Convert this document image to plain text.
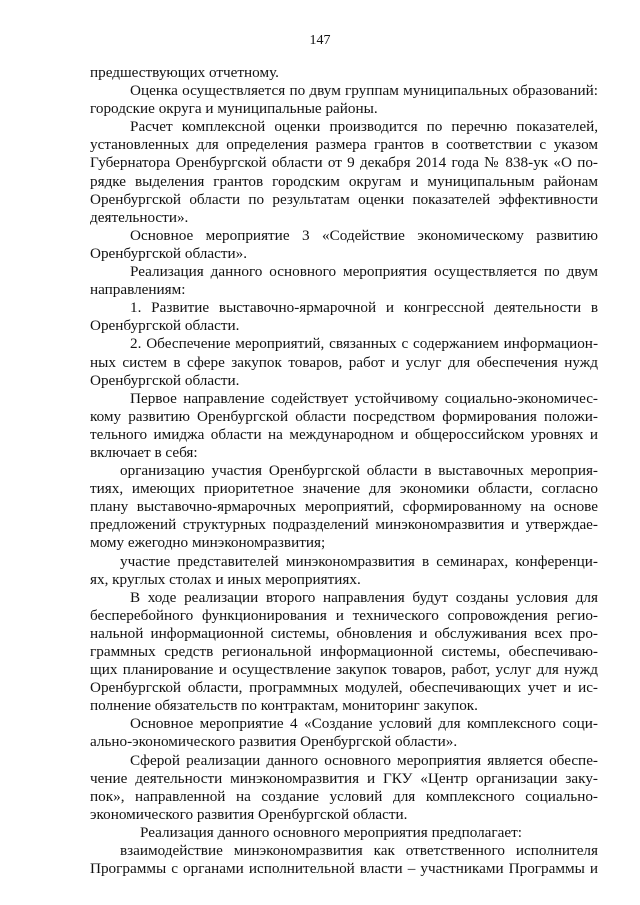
147
предшествующих отчетному.
Оценка осуществляется по двум группам муниципальных образований:
городские округа и муниципальные районы.
Расчет комплексной оценки производится по перечню показателей,
установленных для определения размера грантов в соответствии с указом
Губернатора Оренбургской области от 9 декабря 2014 года № 838-ук «О по-
рядке выделения грантов городским округам и муниципальным районам
Оренбургской области по результатам оценки показателей эффективности
деятельности».
Основное мероприятие 3 «Содействие экономическому развитию
Оренбургской области».
Реализация данного основного мероприятия осуществляется по двум
направлениям:
1. Развитие выставочно-ярмарочной и конгрессной деятельности в
Оренбургской области.
2. Обеспечение мероприятий, связанных с содержанием информацион-
ных систем в сфере закупок товаров, работ и услуг для обеспечения нужд
Оренбургской области.
Первое направление содействует устойчивому социально-экономичес-
кому развитию Оренбургской области посредством формирования положи-
тельного имиджа области на международном и общероссийском уровнях и
включает в себя:
организацию участия Оренбургской области в выставочных мероприя-
тиях, имеющих приоритетное значение для экономики области, согласно
плану выставочно-ярмарочных мероприятий, сформированному на основе
предложений структурных подразделений минэкономразвития и утверждае-
мому ежегодно минэкономразвития;
участие представителей минэкономразвития в семинарах, конференци-
ях, круглых столах и иных мероприятиях.
В ходе реализации второго направления будут созданы условия для
бесперебойного функционирования и технического сопровождения регио-
нальной информационной системы, обновления и обслуживания всех про-
граммных средств региональной информационной системы, обеспечиваю-
щих планирование и осуществление закупок товаров, работ, услуг для нужд
Оренбургской области, программных модулей, обеспечивающих учет и ис-
полнение обязательств по контрактам, мониторинг закупок.
Основное мероприятие 4 «Создание условий для комплексного соци-
ально-экономического развития Оренбургской области».
Сферой реализации данного основного мероприятия является обеспе-
чение деятельности минэкономразвития и ГКУ «Центр организации заку-
пок», направленной на создание условий для комплексного социально-
экономического развития Оренбургской области.
Реализация данного основного мероприятия предполагает:
взаимодействие минэкономразвития как ответственного исполнителя
Программы с органами исполнительной власти – участниками Программы и
